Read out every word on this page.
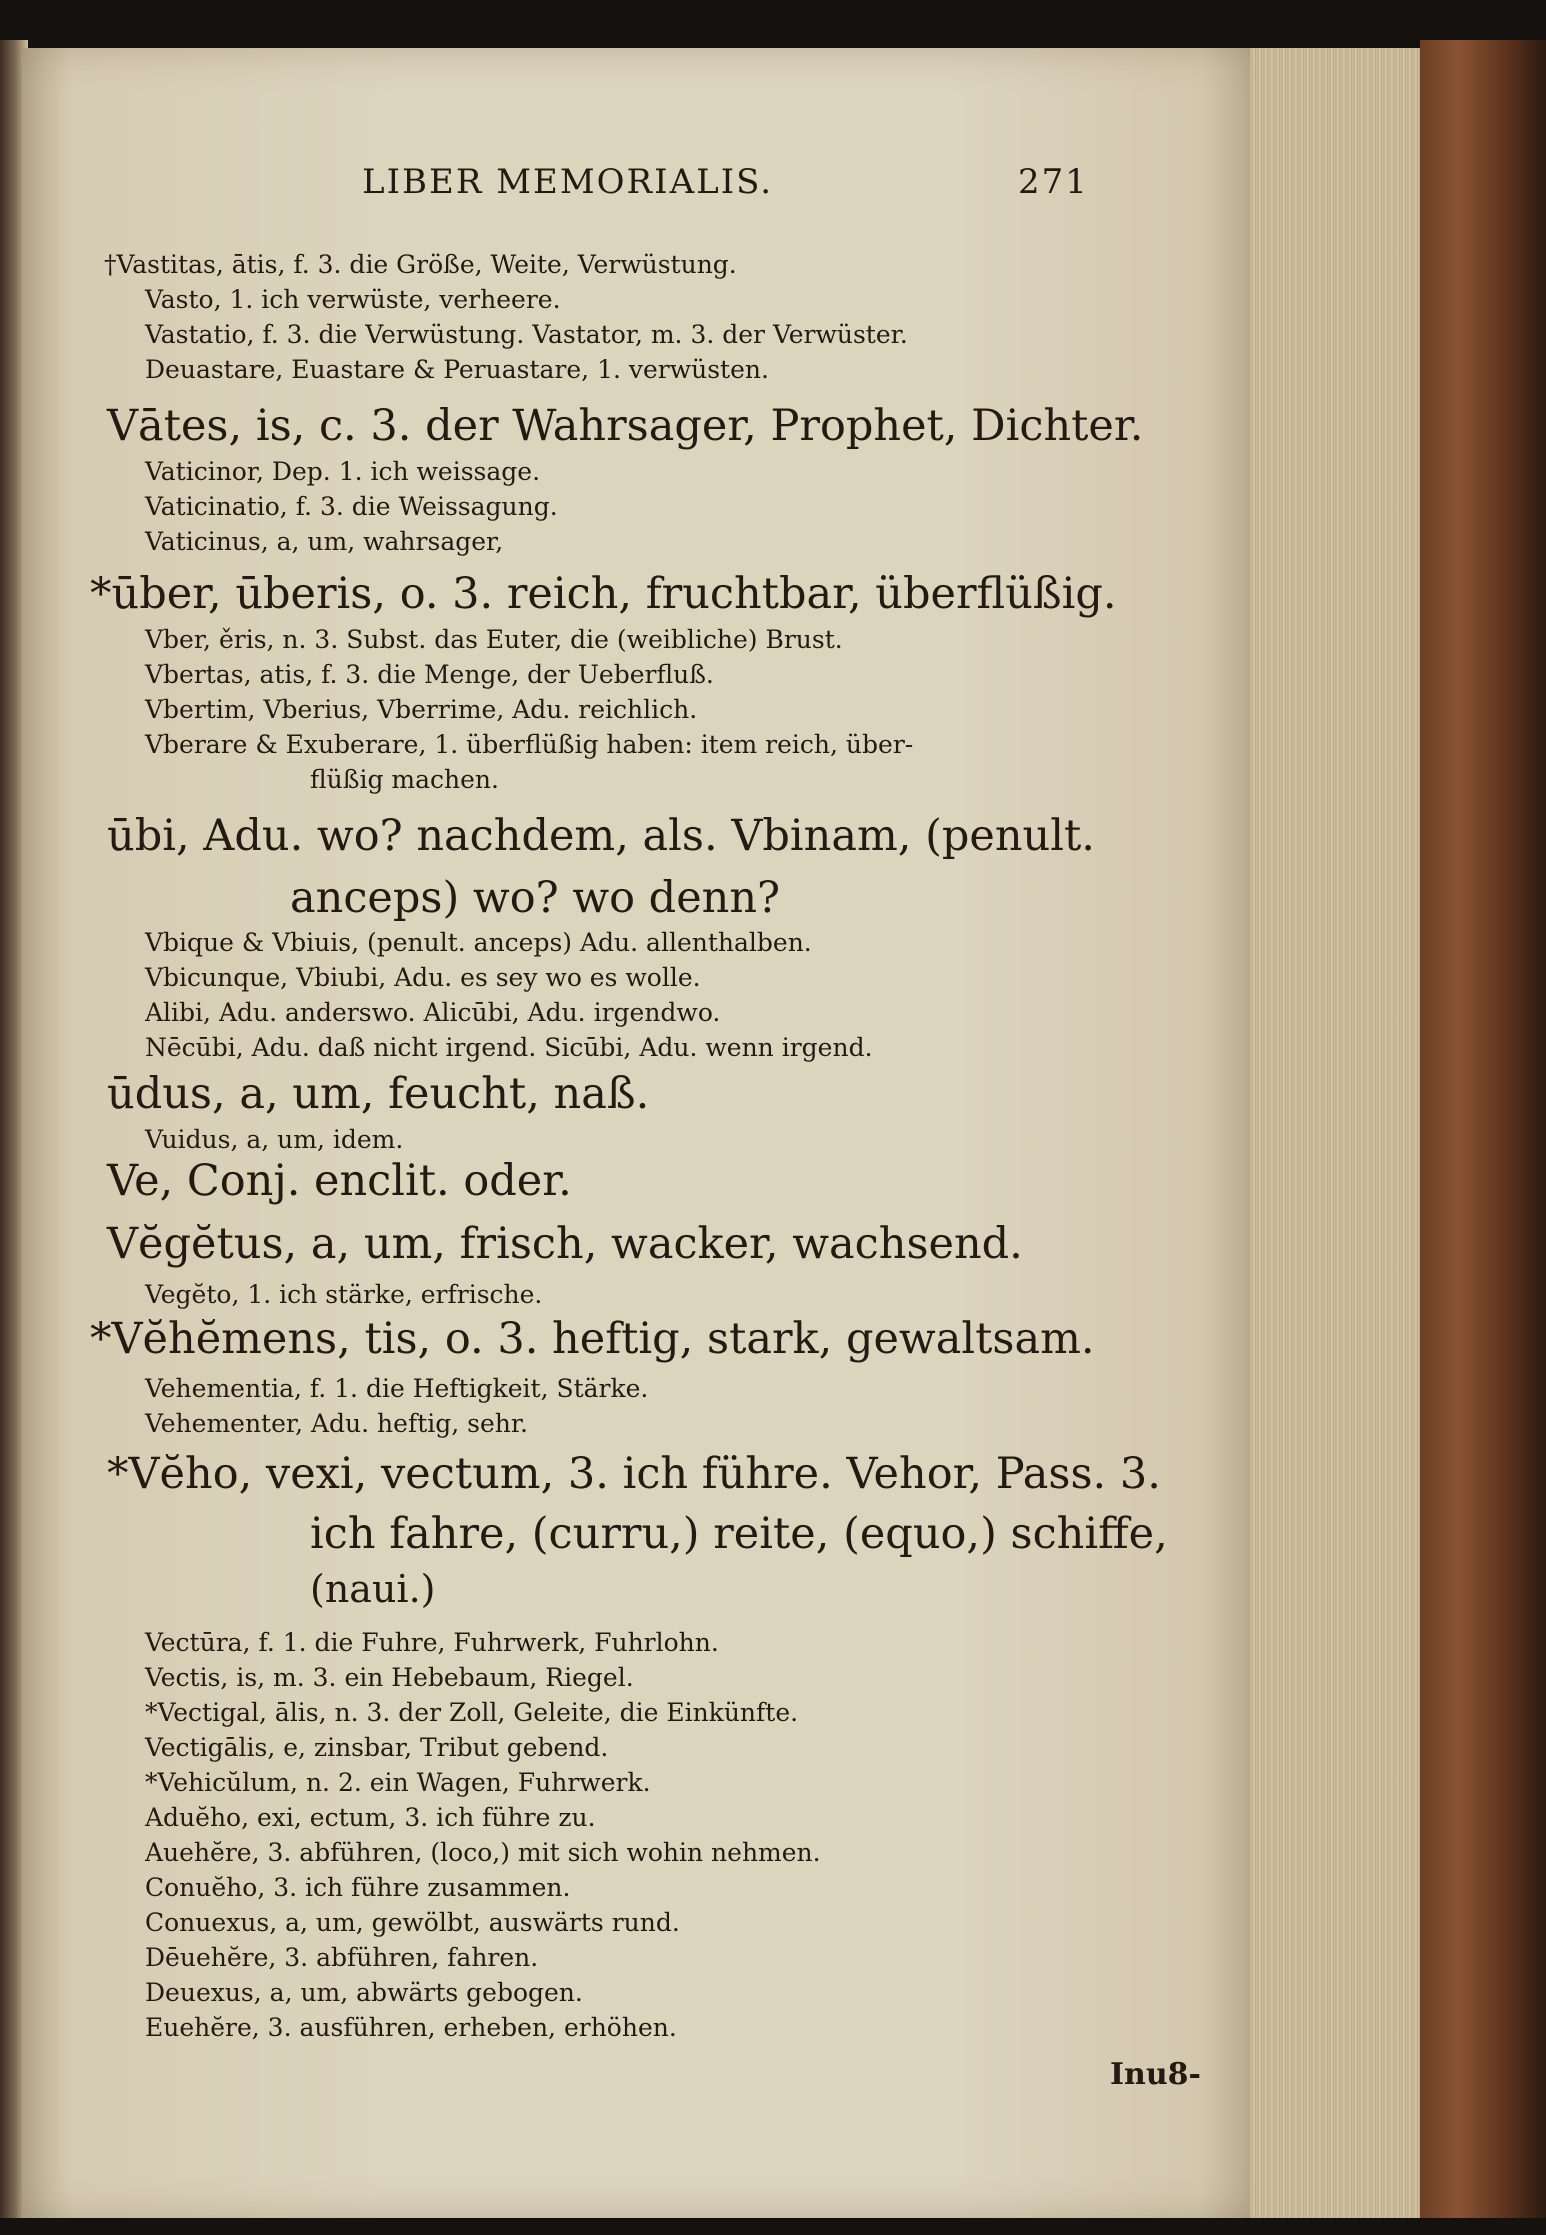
LIBER MEMORIALIS.	271
†Vastitas, ātis, f. 3. die Größe, Weite, Verwüstung.
Vasto, 1. ich verwüste, verheere.
Vastatio, f. 3. die Verwüstung. Vastator, m. 3. der Verwüster.
Deuastare, Euastare & Peruastare, 1. verwüsten.
Vātes, is, c. 3. der Wahrsager, Prophet, Dichter.
Vaticinor, Dep. 1. ich weissage.
Vaticinatio, f. 3. die Weissagung.
Vaticinus, a, um, wahrsager,
*ūber, ūberis, o. 3. reich, fruchtbar, überflüßig.
Vber, ěris, n. 3. Subst. das Euter, die (weibliche) Brust.
Vbertas, atis, f. 3. die Menge, der Ueberfluß.
Vbertim, Vberius, Vberrime, Adu. reichlich.
Vberare & Exuberare, 1. überflüßig haben: item reich, über-
flüßig machen.
ūbi, Adu. wo? nachdem, als. Vbinam, (penult.
anceps) wo? wo denn?
Vbique & Vbiuis, (penult. anceps) Adu. allenthalben.
Vbicunque, Vbiubi, Adu. es sey wo es wolle.
Alibi, Adu. anderswo. Alicūbi, Adu. irgendwo.
Nēcūbi, Adu. daß nicht irgend. Sicūbi, Adu. wenn irgend.
ūdus, a, um, feucht, naß.
Vuidus, a, um, idem.
Ve, Conj. enclit. oder.
Vĕgĕtus, a, um, frisch, wacker, wachsend.
Vegĕto, 1. ich stärke, erfrische.
*Vĕhĕmens, tis, o. 3. heftig, stark, gewaltsam.
Vehementia, f. 1. die Heftigkeit, Stärke.
Vehementer, Adu. heftig, sehr.
*Vĕho, vexi, vectum, 3. ich führe. Vehor, Pass. 3.
ich fahre, (curru,) reite, (equo,) schiffe,
(naui.)
Vectūra, f. 1. die Fuhre, Fuhrwerk, Fuhrlohn.
Vectis, is, m. 3. ein Hebebaum, Riegel.
*Vectigal, ālis, n. 3. der Zoll, Geleite, die Einkünfte.
Vectigālis, e, zinsbar, Tribut gebend.
*Vehicŭlum, n. 2. ein Wagen, Fuhrwerk.
Aduĕho, exi, ectum, 3. ich führe zu.
Auehĕre, 3. abführen, (loco,) mit sich wohin nehmen.
Conuĕho, 3. ich führe zusammen.
Conuexus, a, um, gewölbt, auswärts rund.
Dēuehĕre, 3. abführen, fahren.
Deuexus, a, um, abwärts gebogen.
Euehĕre, 3. ausführen, erheben, erhöhen.
Inu8-
